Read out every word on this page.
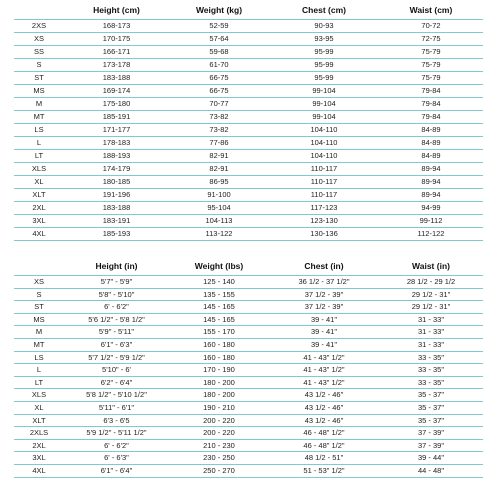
	Height (cm)	Weight (kg)	Chest (cm)	Waist (cm)
2XS	168-173	52-59	90-93	70-72
XS	170-175	57-64	93-95	72-75
SS	166-171	59-68	95-99	75-79
S	173-178	61-70	95-99	75-79
ST	183-188	66-75	95-99	75-79
MS	169-174	66-75	99-104	79-84
M	175-180	70-77	99-104	79-84
MT	185-191	73-82	99-104	79-84
LS	171-177	73-82	104-110	84-89
L	178-183	77-86	104-110	84-89
LT	188-193	82-91	104-110	84-89
XLS	174-179	82-91	110-117	89-94
XL	180-185	86-95	110-117	89-94
XLT	191-196	91-100	110-117	89-94
2XL	183-188	95-104	117-123	94-99
3XL	183-191	104-113	123-130	99-112
4XL	185-193	113-122	130-136	112-122
	Height (in)	Weight (lbs)	Chest (in)	Waist (in)
XS	5'7" - 5'9"	125 - 140	36 1/2 - 37 1/2"	28 1/2 - 29 1/2
S	5'8" - 5'10"	135 - 155	37 1/2 - 39"	29 1/2 - 31"
ST	6' - 6'2"	145 - 165	37 1/2 - 39"	29 1/2 - 31"
MS	5'6 1/2" - 5'8 1/2"	145 - 165	39 - 41"	31 - 33"
M	5'9" - 5'11"	155 - 170	39 - 41"	31 - 33"
MT	6'1" - 6'3"	160 - 180	39 - 41"	31 - 33"
LS	5'7 1/2" - 5'9 1/2"	160 - 180	41 - 43" 1/2"	33 - 35"
L	5'10" - 6'	170 - 190	41 - 43" 1/2"	33 - 35"
LT	6'2" - 6'4"	180 - 200	41 - 43" 1/2"	33 - 35"
XLS	5'8 1/2" - 5'10 1/2"	180 - 200	43 1/2 - 46"	35 - 37"
XL	5'11" - 6'1"	190 - 210	43 1/2 - 46"	35 - 37"
XLT	6'3 - 6'5	200 - 220	43 1/2 - 46"	35 - 37"
2XLS	5'9 1/2" - 5'11 1/2"	200 - 220	46 - 48" 1/2"	37 - 39"
2XL	6' - 6'2"	210 - 230	46 - 48" 1/2"	37 - 39"
3XL	6' - 6'3"	230 - 250	48 1/2 - 51"	39 - 44"
4XL	6'1" - 6'4"	250 - 270	51 - 53" 1/2"	44 - 48"
